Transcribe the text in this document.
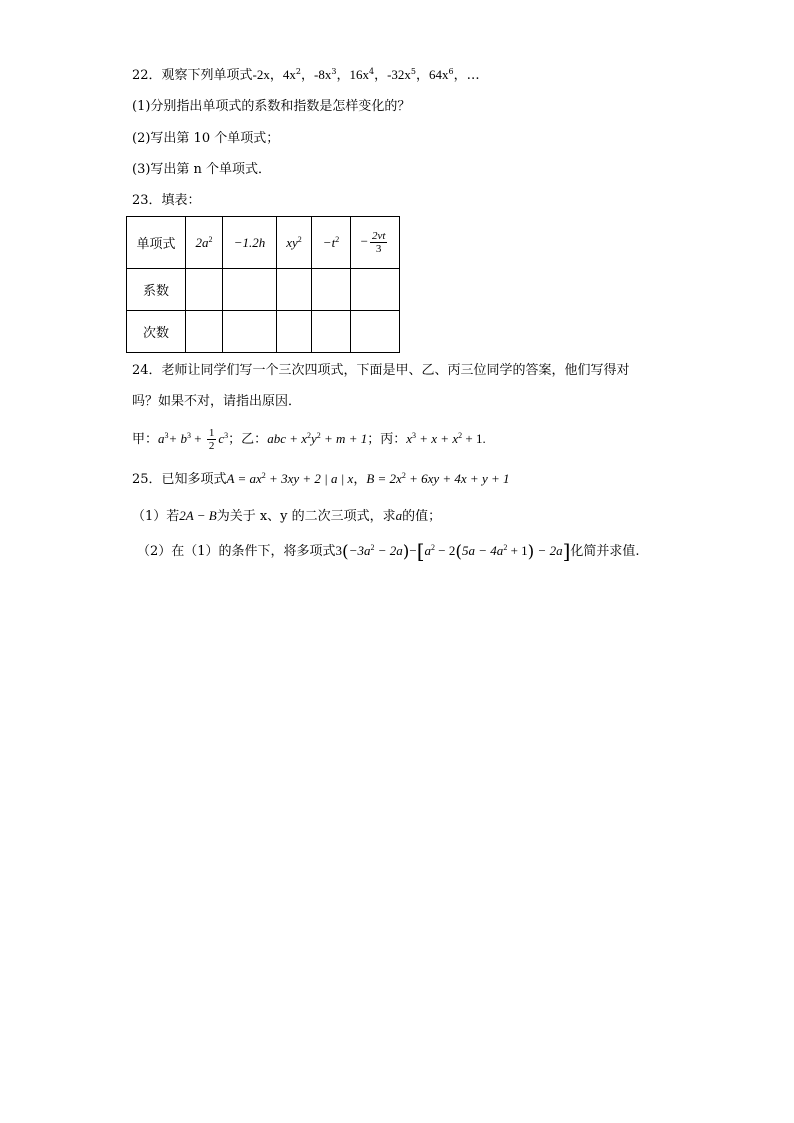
22．观察下列单项式-2x，$4x^2$，$-8x^3$，$16x^4$，$-32x^5$，$64x^6$，…
(1)分别指出单项式的系数和指数是怎样变化的？
(2)写出第 10 个单项式；
(3)写出第 n 个单项式．
23．填表：
单项式	$2a^2$	−1.2h	$xy^2$	$-t^2$	− $\frac{2vt}{3}$

系数					
次数					
24．老师让同学们写一个三次四项式，下面是甲、乙、丙三位同学的答案，他们写得对
吗？如果不对，请指出原因．
甲：$a^3+ b^3 + \frac{1}{2} c^3$；乙：abc + $x^2y^2 + m + 1$；丙：$x^3 + x + x^2 + 1$.
25．已知多项式$A = ax^2 + 3xy + 2$ | a | x，$B = 2x^2 + 6xy + 4x + y + 1$
（1）若2A − B为关于 x、y 的二次三项式，求a的值；
（2）在（1）的条件下，将多项式$3(-3a^2 - 2a)-[a^2 - 2(5a - 4a^2 + 1) - 2a]$化简并求值.
